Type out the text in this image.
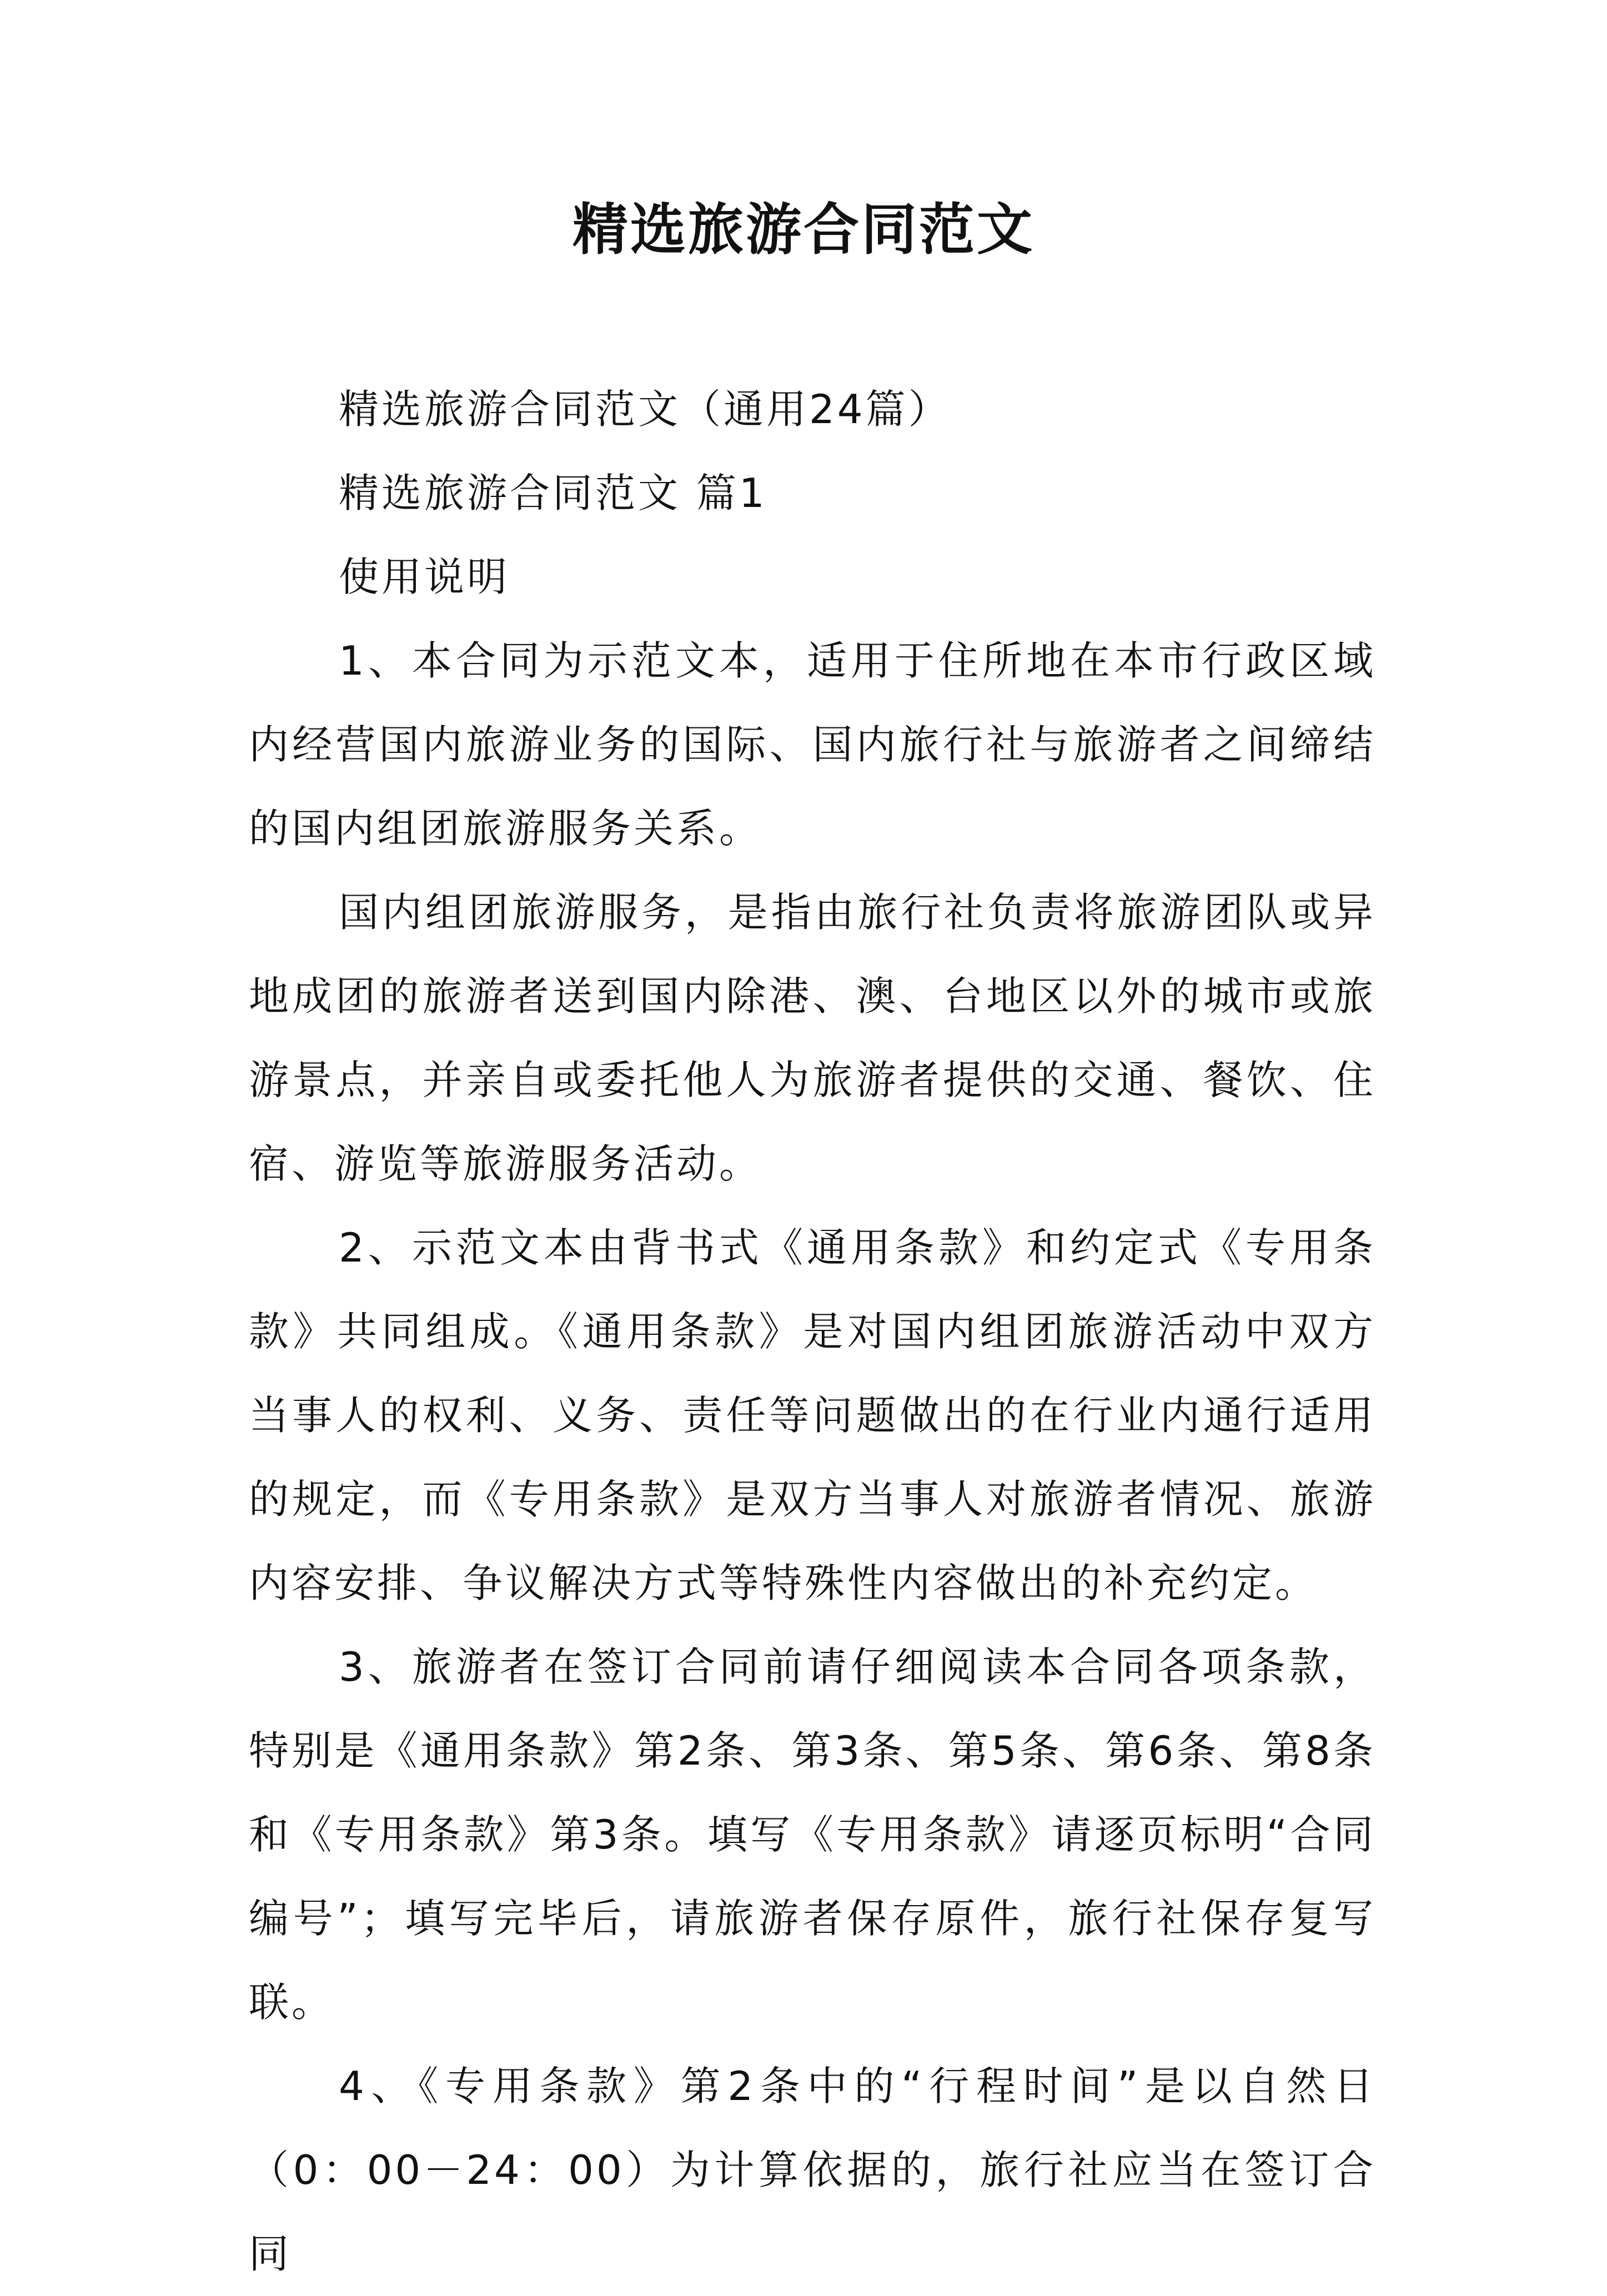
精选旅游合同范文

精选旅游合同范文（通用24篇）

精选旅游合同范文 篇1

使用说明

1、本合同为示范文本，适用于住所地在本市行政区域内经营国内旅游业务的国际、国内旅行社与旅游者之间缔结的国内组团旅游服务关系。

国内组团旅游服务，是指由旅行社负责将旅游团队或异地成团的旅游者送到国内除港、澳、台地区以外的城市或旅游景点，并亲自或委托他人为旅游者提供的交通、餐饮、住宿、游览等旅游服务活动。

2、示范文本由背书式《通用条款》和约定式《专用条款》共同组成。《通用条款》是对国内组团旅游活动中双方当事人的权利、义务、责任等问题做出的在行业内通行适用的规定，而《专用条款》是双方当事人对旅游者情况、旅游内容安排、争议解决方式等特殊性内容做出的补充约定。

3、旅游者在签订合同前请仔细阅读本合同各项条款，特别是《通用条款》第2条、第3条、第5条、第6条、第8条和《专用条款》第3条。填写《专用条款》请逐页标明“合同编号”；填写完毕后，请旅游者保存原件，旅行社保存复写联。

4、《专用条款》第2条中的“行程时间”是以自然日（0：00－24：00）为计算依据的，旅行社应当在签订合同
